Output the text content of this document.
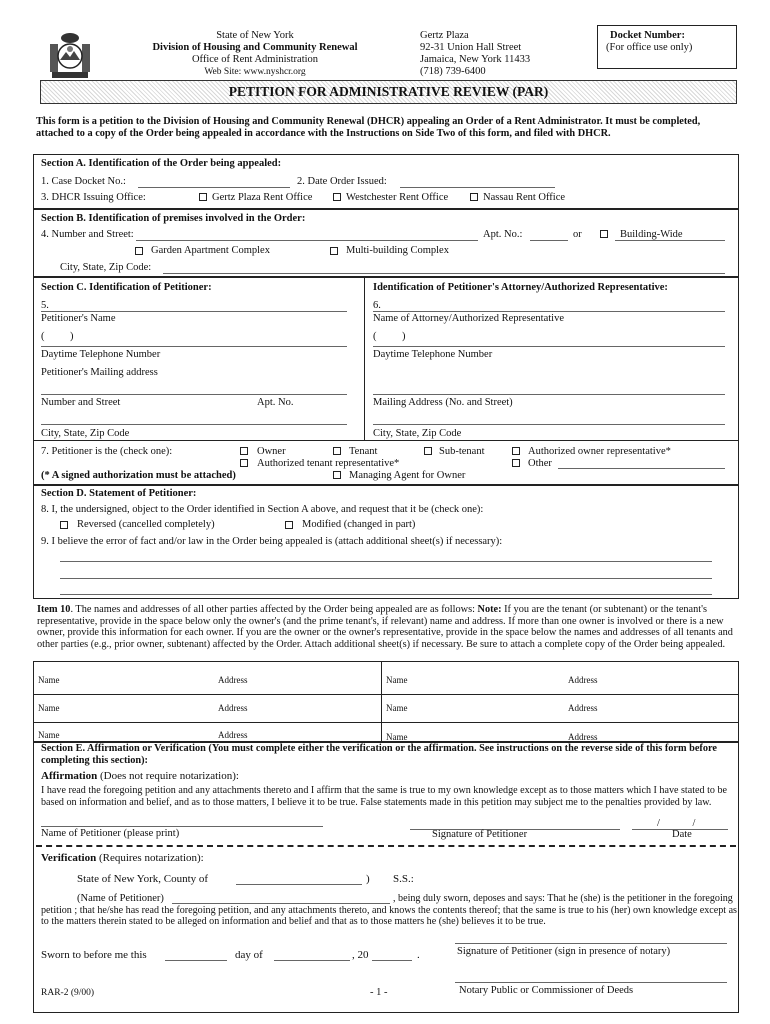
State of New York
Division of Housing and Community Renewal
Office of Rent Administration
Web Site: www.nyshcr.org
Gertz Plaza
92-31 Union Hall Street
Jamaica, New York 11433
(718) 739-6400
Docket Number:
(For office use only)
PETITION FOR ADMINISTRATIVE REVIEW (PAR)
This form is a petition to the Division of Housing and Community Renewal (DHCR) appealing an Order of a Rent Administrator. It must be completed, attached to a copy of the Order being appealed in accordance with the Instructions on Side Two of this form, and filed with DHCR.
Section A. Identification of the Order being appealed:
1. Case Docket No.:	2. Date Order Issued:
3. DHCR Issuing Office:	Gertz Plaza Rent Office	Westchester Rent Office	Nassau Rent Office
Section B. Identification of premises involved in the Order:
4. Number and Street:	Apt. No.:	or	Building-Wide
Garden Apartment Complex	Multi-building Complex
City, State, Zip Code:
Section C. Identification of Petitioner:	Identification of Petitioner's Attorney/Authorized Representative:
5.
Petitioner's Name
6.
Name of Attorney/Authorized Representative
( )
Daytime Telephone Number
( )
Daytime Telephone Number
Petitioner's Mailing address
Number and Street	Apt. No.	Mailing Address (No. and Street)
City, State, Zip Code	City, State, Zip Code
7. Petitioner is the (check one):	Owner	Tenant	Sub-tenant	Authorized owner representative*
Authorized tenant representative*	Other
(* A signed authorization must be attached)	Managing Agent for Owner
Section D. Statement of Petitioner:
8. I, the undersigned, object to the Order identified in Section A above, and request that it be (check one):
Reversed (cancelled completely)	Modified (changed in part)
9. I believe the error of fact and/or law in the Order being appealed is (attach additional sheet(s) if necessary):
Item 10. The names and addresses of all other parties affected by the Order being appealed are as follows: Note: If you are the tenant (or subtenant) or the tenant's representative, provide in the space below only the owner's (and the prime tenant's, if relevant) name and address. If more than one owner is involved or there is a new owner, provide this information for each owner. If you are the owner or the owner's representative, provide in the space below the names and addresses of all tenants and other parties (e.g., prior owner, subtenant) affected by the Order. Attach additional sheet(s) if necessary. Be sure to attach a complete copy of the Order being appealed.
Name	Address	Name	Address
Name	Address	Name	Address
Name	Address	Name	Address
Section E. Affirmation or Verification (You must complete either the verification or the affirmation. See instructions on the reverse side of this form before completing this section):
Affirmation (Does not require notarization):
I have read the foregoing petition and any attachments thereto and I affirm that the same is true to my own knowledge except as to those matters which I have stated to be based on information and belief, and as to those matters, I believe it to be true. False statements made in this petition may subject me to the penalties provided by law.
Name of Petitioner (please print)	Signature of Petitioner
/ /
Date
Verification (Requires notarization):
State of New York, County of	) S.S.:
(Name of Petitioner)	, being duly sworn, deposes and says: That he (she) is the petitioner in the foregoing petition ; that he/she has read the foregoing petition, and any attachments thereto, and knows the contents thereof; that the same is true to his (her) own knowledge except as to the matters therein stated to be alleged on information and belief and that as to those matters he (she) believes it to be true.
Sworn to before me this	day of	, 20	.	Signature of Petitioner (sign in presence of notary)
Notary Public or Commissioner of Deeds
RAR-2 (9/00)	- 1 -
